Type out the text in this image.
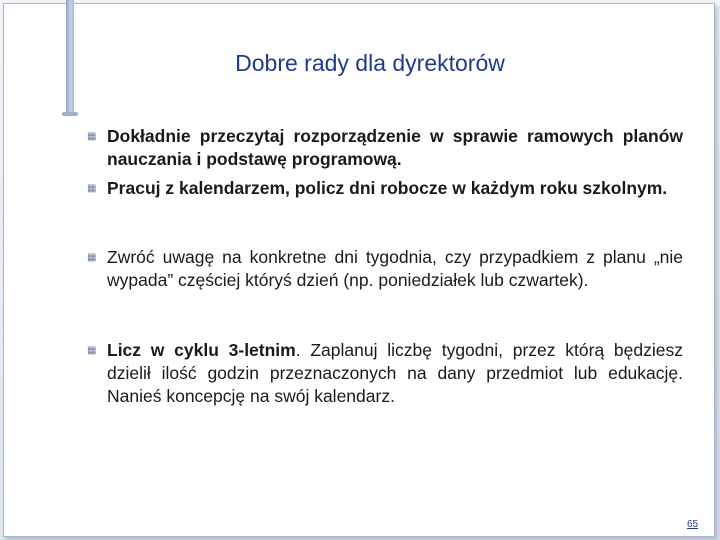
Dobre rady dla dyrektorów
▦ Dokładnie przeczytaj rozporządzenie w sprawie ramowych planów nauczania i podstawę programową.
▦ Pracuj z kalendarzem, policz dni robocze w każdym roku szkolnym.
▦ Zwróć uwagę na konkretne dni tygodnia, czy przypadkiem z planu „nie wypada” częściej któryś dzień (np. poniedziałek lub czwartek).
▦ Licz w cyklu 3-letnim. Zaplanuj liczbę tygodni, przez którą będziesz dzielił ilość godzin przeznaczonych na dany przedmiot lub edukację. Nanieś koncepcję na swój kalendarz.
65
